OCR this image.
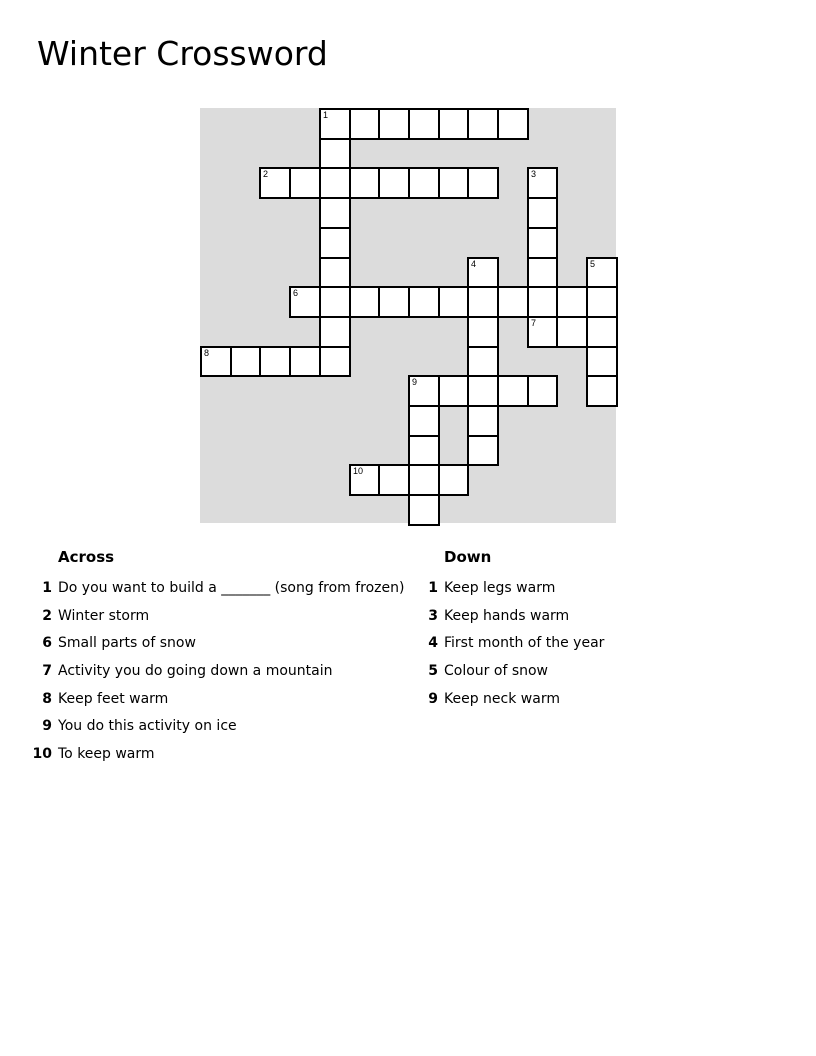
Winter Crossword
1
2	3
7
4	5
6
8
9
10
Across
1 Do you want to build a _______ (song from frozen)
2 Winter storm
6 Small parts of snow
7 Activity you do going down a mountain
8 Keep feet warm
9 You do this activity on ice
10 To keep warm
Down
1 Keep legs warm
3 Keep hands warm
4 First month of the year
5 Colour of snow
9 Keep neck warm
